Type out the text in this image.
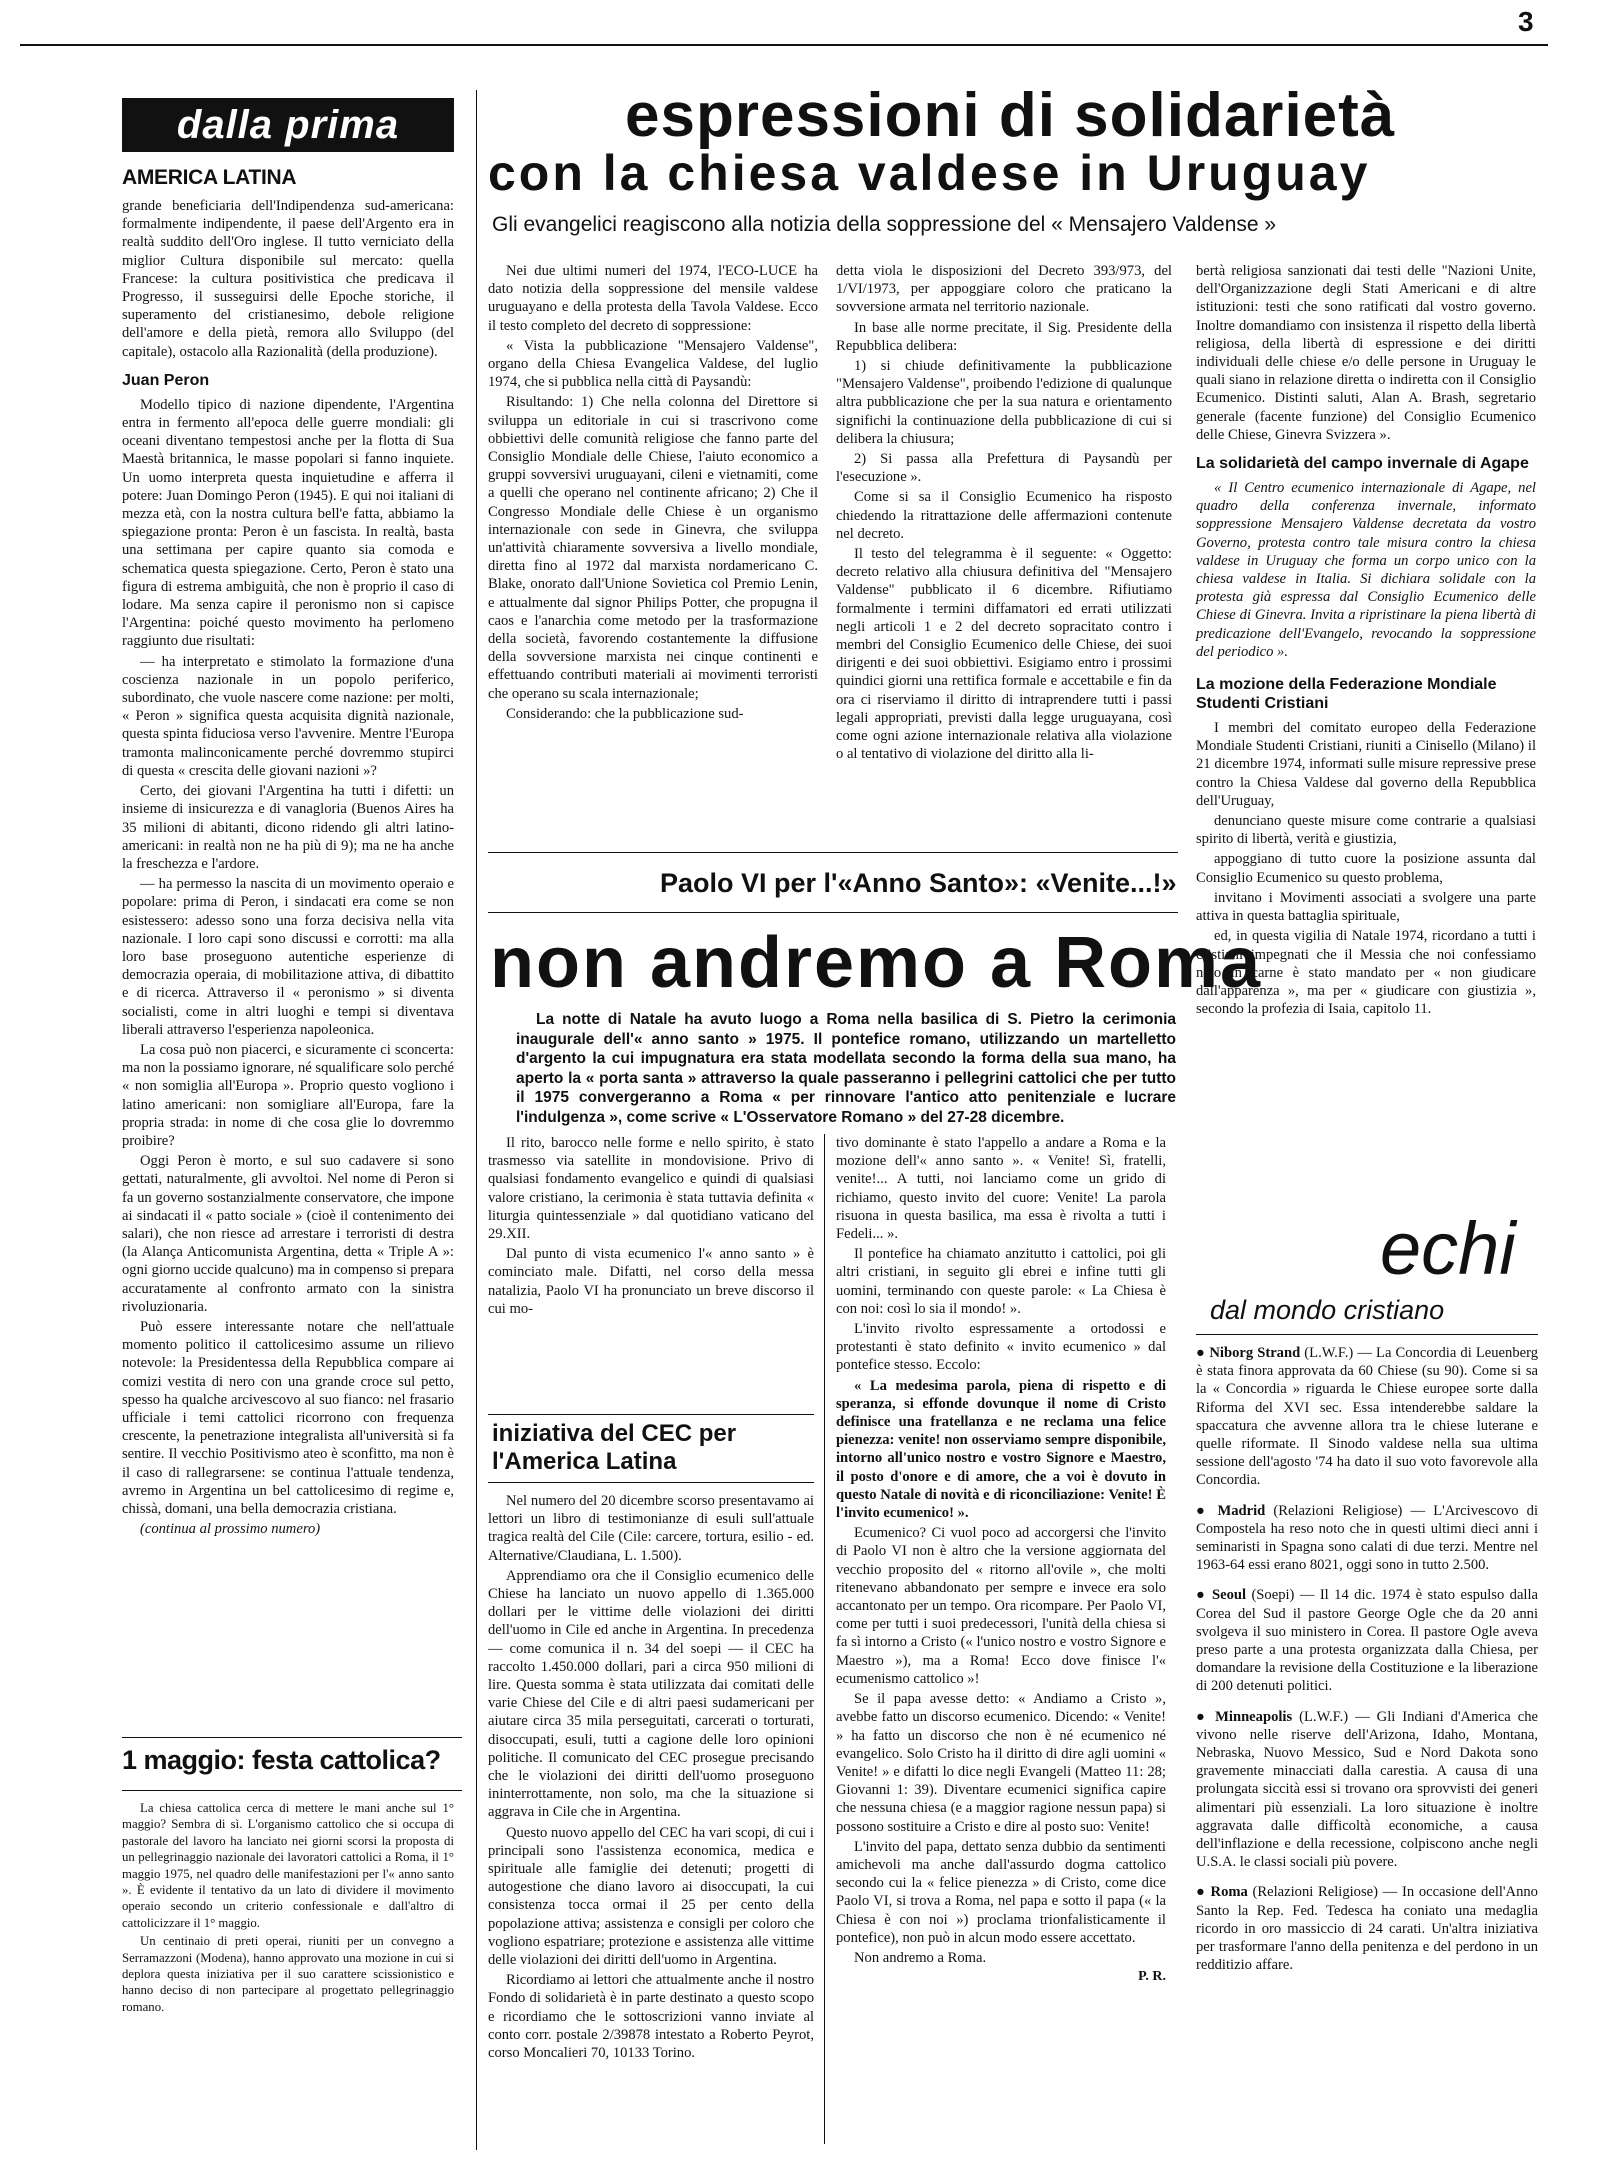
3
dalla prima
AMERICA LATINA

grande beneficiaria dell'Indipendenza sud-americana: formalmente indipendente, il paese dell'Argento era in realtà suddito dell'Oro inglese. Il tutto verniciato della miglior Cultura disponibile sul mercato: quella Francese: la cultura positivistica che predicava il Progresso, il susseguirsi delle Epoche storiche, il superamento del cristianesimo, debole religione dell'amore e della pietà, remora allo Sviluppo (del capitale), ostacolo alla Razionalità (della produzione).

Juan Peron

Modello tipico di nazione dipendente, l'Argentina entra in fermento all'epoca delle guerre mondiali: gli oceani diventano tempestosi anche per la flotta di Sua Maestà britannica, le masse popolari si fanno inquiete. Un uomo interpreta questa inquietudine e afferra il potere: Juan Domingo Peron (1945). E qui noi italiani di mezza età, con la nostra cultura bell'e fatta, abbiamo la spiegazione pronta: Peron è un fascista. In realtà, basta una settimana per capire quanto sia comoda e schematica questa spiegazione. Certo, Peron è stato una figura di estrema ambiguità, che non è proprio il caso di lodare. Ma senza capire il peronismo non si capisce l'Argentina: poiché questo movimento ha perlomeno raggiunto due risultati:

— ha interpretato e stimolato la formazione d'una coscienza nazionale in un popolo periferico, subordinato, che vuole nascere come nazione: per molti, « Peron » significa questa acquisita dignità nazionale, questa spinta fiduciosa verso l'avvenire. Mentre l'Europa tramonta malinconicamente perché dovremmo stupirci di questa « crescita delle giovani nazioni »?

Certo, dei giovani l'Argentina ha tutti i difetti: un insieme di insicurezza e di vanagloria (Buenos Aires ha 35 milioni di abitanti, dicono ridendo gli altri latino-americani: in realtà non ne ha più di 9); ma ne ha anche la freschezza e l'ardore.

— ha permesso la nascita di un movimento operaio e popolare: prima di Peron, i sindacati era come se non esistessero: adesso sono una forza decisiva nella vita nazionale. I loro capi sono discussi e corrotti: ma alla loro base proseguono autentiche esperienze di democrazia operaia, di mobilitazione attiva, di dibattito e di ricerca. Attraverso il « peronismo » si diventa socialisti, come in altri luoghi e tempi si diventava liberali attraverso l'esperienza napoleonica.

La cosa può non piacerci, e sicuramente ci sconcerta: ma non la possiamo ignorare, né squalificare solo perché « non somiglia all'Europa ». Proprio questo vogliono i latino americani: non somigliare all'Europa, fare la propria strada: in nome di che cosa glie lo dovremmo proibire?

Oggi Peron è morto, e sul suo cadavere si sono gettati, naturalmente, gli avvoltoi. Nel nome di Peron si fa un governo sostanzialmente conservatore, che impone ai sindacati il « patto sociale » (cioè il contenimento dei salari), che non riesce ad arrestare i terroristi di destra (la Alança Anticomunista Argentina, detta « Triple A »: ogni giorno uccide qualcuno) ma in compenso si prepara accuratamente al confronto armato con la sinistra rivoluzionaria.

Può essere interessante notare che nell'attuale momento politico il cattolicesimo assume un rilievo notevole: la Presidentessa della Repubblica compare ai comizi vestita di nero con una grande croce sul petto, spesso ha qualche arcivescovo al suo fianco: nel frasario ufficiale i temi cattolici ricorrono con frequenza crescente, la penetrazione integralista all'università si fa sentire. Il vecchio Positivismo ateo è sconfitto, ma non è il caso di rallegrarsene: se continua l'attuale tendenza, avremo in Argentina un bel cattolicesimo di regime e, chissà, domani, una bella democrazia cristiana.

(continua al prossimo numero)

1 maggio: festa cattolica?

La chiesa cattolica cerca di mettere le mani anche sul 1° maggio? Sembra di sì. L'organismo cattolico che si occupa di pastorale del lavoro ha lanciato nei giorni scorsi la proposta di un pellegrinaggio nazionale dei lavoratori cattolici a Roma, il 1° maggio 1975, nel quadro delle manifestazioni per l'« anno santo ». È evidente il tentativo da un lato di dividere il movimento operaio secondo un criterio confessionale e dall'altro di cattolicizzare il 1° maggio.

Un centinaio di preti operai, riuniti per un convegno a Serramazzoni (Modena), hanno approvato una mozione in cui si deplora questa iniziativa per il suo carattere scissionistico e hanno deciso di non partecipare al progettato pellegrinaggio romano.

espressioni di solidarietà
con la chiesa valdese in Uruguay
Gli evangelici reagiscono alla notizia della soppressione del « Mensajero Valdense »

Nei due ultimi numeri del 1974, l'ECO-LUCE ha dato notizia della soppressione del mensile valdese uruguayano e della protesta della Tavola Valdese. Ecco il testo completo del decreto di soppressione:

« Vista la pubblicazione "Mensajero Valdense", organo della Chiesa Evangelica Valdese, del luglio 1974, che si pubblica nella città di Paysandù:

Risultando: 1) Che nella colonna del Direttore si sviluppa un editoriale in cui si trascrivono come obbiettivi delle comunità religiose che fanno parte del Consiglio Mondiale delle Chiese, l'aiuto economico a gruppi sovversivi uruguayani, cileni e vietnamiti, come a quelli che operano nel continente africano; 2) Che il Congresso Mondiale delle Chiese è un organismo internazionale con sede in Ginevra, che sviluppa un'attività chiaramente sovversiva a livello mondiale, diretta fino al 1972 dal marxista nordamericano C. Blake, onorato dall'Unione Sovietica col Premio Lenin, e attualmente dal signor Philips Potter, che propugna il caos e l'anarchia come metodo per la trasformazione della società, favorendo costantemente la diffusione della sovversione marxista nei cinque continenti e effettuando contributi materiali ai movimenti terroristi che operano su scala internazionale;

Considerando: che la pubblicazione sud-

detta viola le disposizioni del Decreto 393/973, del 1/VI/1973, per appoggiare coloro che praticano la sovversione armata nel territorio nazionale.

In base alle norme precitate, il Sig. Presidente della Repubblica delibera:

1) si chiude definitivamente la pubblicazione "Mensajero Valdense", proibendo l'edizione di qualunque altra pubblicazione che per la sua natura e orientamento significhi la continuazione della pubblicazione di cui si delibera la chiusura;

2) Si passa alla Prefettura di Paysandù per l'esecuzione ».

Come si sa il Consiglio Ecumenico ha risposto chiedendo la ritrattazione delle affermazioni contenute nel decreto.

Il testo del telegramma è il seguente: « Oggetto: decreto relativo alla chiusura definitiva del "Mensajero Valdense" pubblicato il 6 dicembre. Rifiutiamo formalmente i termini diffamatori ed errati utilizzati negli articoli 1 e 2 del decreto sopracitato contro i membri del Consiglio Ecumenico delle Chiese, dei suoi dirigenti e dei suoi obbiettivi. Esigiamo entro i prossimi quindici giorni una rettifica formale e accettabile e fin da ora ci riserviamo il diritto di intraprendere tutti i passi legali appropriati, previsti dalla legge uruguayana, così come ogni azione internazionale relativa alla violazione o al tentativo di violazione del diritto alla li-

bertà religiosa sanzionati dai testi delle "Nazioni Unite, dell'Organizzazione degli Stati Americani e di altre istituzioni: testi che sono ratificati dal vostro governo. Inoltre domandiamo con insistenza il rispetto della libertà religiosa, della libertà di espressione e dei diritti individuali delle chiese e/o delle persone in Uruguay le quali siano in relazione diretta o indiretta con il Consiglio Ecumenico. Distinti saluti, Alan A. Brash, segretario generale (facente funzione) del Consiglio Ecumenico delle Chiese, Ginevra Svizzera ».

La solidarietà del campo invernale di Agape

« Il Centro ecumenico internazionale di Agape, nel quadro della conferenza invernale, informato soppressione Mensajero Valdense decretata da vostro Governo, protesta contro tale misura contro la chiesa valdese in Uruguay che forma un corpo unico con la chiesa valdese in Italia. Si dichiara solidale con la protesta già espressa dal Consiglio Ecumenico delle Chiese di Ginevra. Invita a ripristinare la piena libertà di predicazione dell'Evangelo, revocando la soppressione del periodico ».

La mozione della Federazione Mondiale Studenti Cristiani

I membri del comitato europeo della Federazione Mondiale Studenti Cristiani, riuniti a Cinisello (Milano) il 21 dicembre 1974, informati sulle misure repressive prese contro la Chiesa Valdese dal governo della Repubblica dell'Uruguay,

denunciano queste misure come contrarie a qualsiasi spirito di libertà, verità e giustizia,

appoggiano di tutto cuore la posizione assunta dal Consiglio Ecumenico su questo problema,

invitano i Movimenti associati a svolgere una parte attiva in questa battaglia spirituale,

ed, in questa vigilia di Natale 1974, ricordano a tutti i cristiani impegnati che il Messia che noi confessiamo nato in carne è stato mandato per « non giudicare dall'apparenza », ma per « giudicare con giustizia », secondo la profezia di Isaia, capitolo 11.

Paolo VI per l'«Anno Santo»: «Venite...!»
non andremo a Roma
La notte di Natale ha avuto luogo a Roma nella basilica di S. Pietro la cerimonia inaugurale dell'« anno santo » 1975. Il pontefice romano, utilizzando un martelletto d'argento la cui impugnatura era stata modellata secondo la forma della sua mano, ha aperto la « porta santa » attraverso la quale passeranno i pellegrini cattolici che per tutto il 1975 convergeranno a Roma « per rinnovare l'antico atto penitenziale e lucrare l'indulgenza », come scrive « L'Osservatore Romano » del 27-28 dicembre.

Il rito, barocco nelle forme e nello spirito, è stato trasmesso via satellite in mondovisione. Privo di qualsiasi fondamento evangelico e quindi di qualsiasi valore cristiano, la cerimonia è stata tuttavia definita « liturgia quintessenziale » dal quotidiano vaticano del 29.XII.

Dal punto di vista ecumenico l'« anno santo » è cominciato male. Difatti, nel corso della messa natalizia, Paolo VI ha pronunciato un breve discorso il cui mo-

tivo dominante è stato l'appello a andare a Roma e la mozione dell'« anno santo ». « Venite! Sì, fratelli, venite!... A tutti, noi lanciamo come un grido di richiamo, questo invito del cuore: Venite! La parola risuona in questa basilica, ma essa è rivolta a tutti i Fedeli... ».

Il pontefice ha chiamato anzitutto i cattolici, poi gli altri cristiani, in seguito gli ebrei e infine tutti gli uomini, terminando con queste parole: « La Chiesa è con noi: così lo sia il mondo! ».

L'invito rivolto espressamente a ortodossi e protestanti è stato definito « invito ecumenico » dal pontefice stesso. Eccolo:

« La medesima parola, piena di rispetto e di speranza, si effonde dovunque il nome di Cristo definisce una fratellanza e ne reclama una felice pienezza: venite! non osserviamo sempre disponibile, intorno all'unico nostro e vostro Signore e Maestro, il posto d'onore e di amore, che a voi è dovuto in questo Natale di novità e di riconciliazione: Venite! È l'invito ecumenico! ».

Ecumenico? Ci vuol poco ad accorgersi che l'invito di Paolo VI non è altro che la versione aggiornata del vecchio proposito del « ritorno all'ovile », che molti ritenevano abbandonato per sempre e invece era solo accantonato per un tempo. Ora ricompare. Per Paolo VI, come per tutti i suoi predecessori, l'unità della chiesa si fa sì intorno a Cristo (« l'unico nostro e vostro Signore e Maestro »), ma a Roma! Ecco dove finisce l'« ecumenismo cattolico »!

Se il papa avesse detto: « Andiamo a Cristo », avebbe fatto un discorso ecumenico. Dicendo: « Venite! » ha fatto un discorso che non è né ecumenico né evangelico. Solo Cristo ha il diritto di dire agli uomini « Venite! » e difatti lo dice negli Evangeli (Matteo 11: 28; Giovanni 1: 39). Diventare ecumenici significa capire che nessuna chiesa (e a maggior ragione nessun papa) si possono sostituire a Cristo e dire al posto suo: Venite!

L'invito del papa, dettato senza dubbio da sentimenti amichevoli ma anche dall'assurdo dogma cattolico secondo cui la « felice pienezza » di Cristo, come dice Paolo VI, si trova a Roma, nel papa e sotto il papa (« la Chiesa è con noi ») proclama trionfalisticamente il pontefice), non può in alcun modo essere accettato.

Non andremo a Roma.

P. R.
iniziativa del CEC per l'America Latina

Nel numero del 20 dicembre scorso presentavamo ai lettori un libro di testimonianze di esuli sull'attuale tragica realtà del Cile (Cile: carcere, tortura, esilio - ed. Alternative/Claudiana, L. 1.500).

Apprendiamo ora che il Consiglio ecumenico delle Chiese ha lanciato un nuovo appello di 1.365.000 dollari per le vittime delle violazioni dei diritti dell'uomo in Cile ed anche in Argentina. In precedenza — come comunica il n. 34 del soepi — il CEC ha raccolto 1.450.000 dollari, pari a circa 950 milioni di lire. Questa somma è stata utilizzata dai comitati delle varie Chiese del Cile e di altri paesi sudamericani per aiutare circa 35 mila perseguitati, carcerati o torturati, disoccupati, esuli, tutti a cagione delle loro opinioni politiche. Il comunicato del CEC prosegue precisando che le violazioni dei diritti dell'uomo proseguono ininterrottamente, non solo, ma che la situazione si aggrava in Cile che in Argentina.

Questo nuovo appello del CEC ha vari scopi, di cui i principali sono l'assistenza economica, medica e spirituale alle famiglie dei detenuti; progetti di autogestione che diano lavoro ai disoccupati, la cui consistenza tocca ormai il 25 per cento della popolazione attiva; assistenza e consigli per coloro che vogliono espatriare; protezione e assistenza alle vittime delle violazioni dei diritti dell'uomo in Argentina.

Ricordiamo ai lettori che attualmente anche il nostro Fondo di solidarietà è in parte destinato a questo scopo e ricordiamo che le sottoscrizioni vanno inviate al conto corr. postale 2/39878 intestato a Roberto Peyrot, corso Moncalieri 70, 10133 Torino.

echi
dal mondo cristiano

● Niborg Strand (L.W.F.) — La Concordia di Leuenberg è stata finora approvata da 60 Chiese (su 90). Come si sa la « Concordia » riguarda le Chiese europee sorte dalla Riforma del XVI sec. Essa intenderebbe saldare la spaccatura che avvenne allora tra le chiese luterane e quelle riformate. Il Sinodo valdese nella sua ultima sessione dell'agosto '74 ha dato il suo voto favorevole alla Concordia.

● Madrid (Relazioni Religiose) — L'Arcivescovo di Compostela ha reso noto che in questi ultimi dieci anni i seminaristi in Spagna sono calati di due terzi. Mentre nel 1963-64 essi erano 8021, oggi sono in tutto 2.500.

● Seoul (Soepi) — Il 14 dic. 1974 è stato espulso dalla Corea del Sud il pastore George Ogle che da 20 anni svolgeva il suo ministero in Corea. Il pastore Ogle aveva preso parte a una protesta organizzata dalla Chiesa, per domandare la revisione della Costituzione e la liberazione di 200 detenuti politici.

● Minneapolis (L.W.F.) — Gli Indiani d'America che vivono nelle riserve dell'Arizona, Idaho, Montana, Nebraska, Nuovo Messico, Sud e Nord Dakota sono gravemente minacciati dalla carestia. A causa di una prolungata siccità essi si trovano ora sprovvisti dei generi alimentari più essenziali. La loro situazione è inoltre aggravata dalle difficoltà economiche, a causa dell'inflazione e della recessione, colpiscono anche negli U.S.A. le classi sociali più povere.

● Roma (Relazioni Religiose) — In occasione dell'Anno Santo la Rep. Fed. Tedesca ha coniato una medaglia ricordo in oro massiccio di 24 carati. Un'altra iniziativa per trasformare l'anno della penitenza e del perdono in un redditizio affare.
